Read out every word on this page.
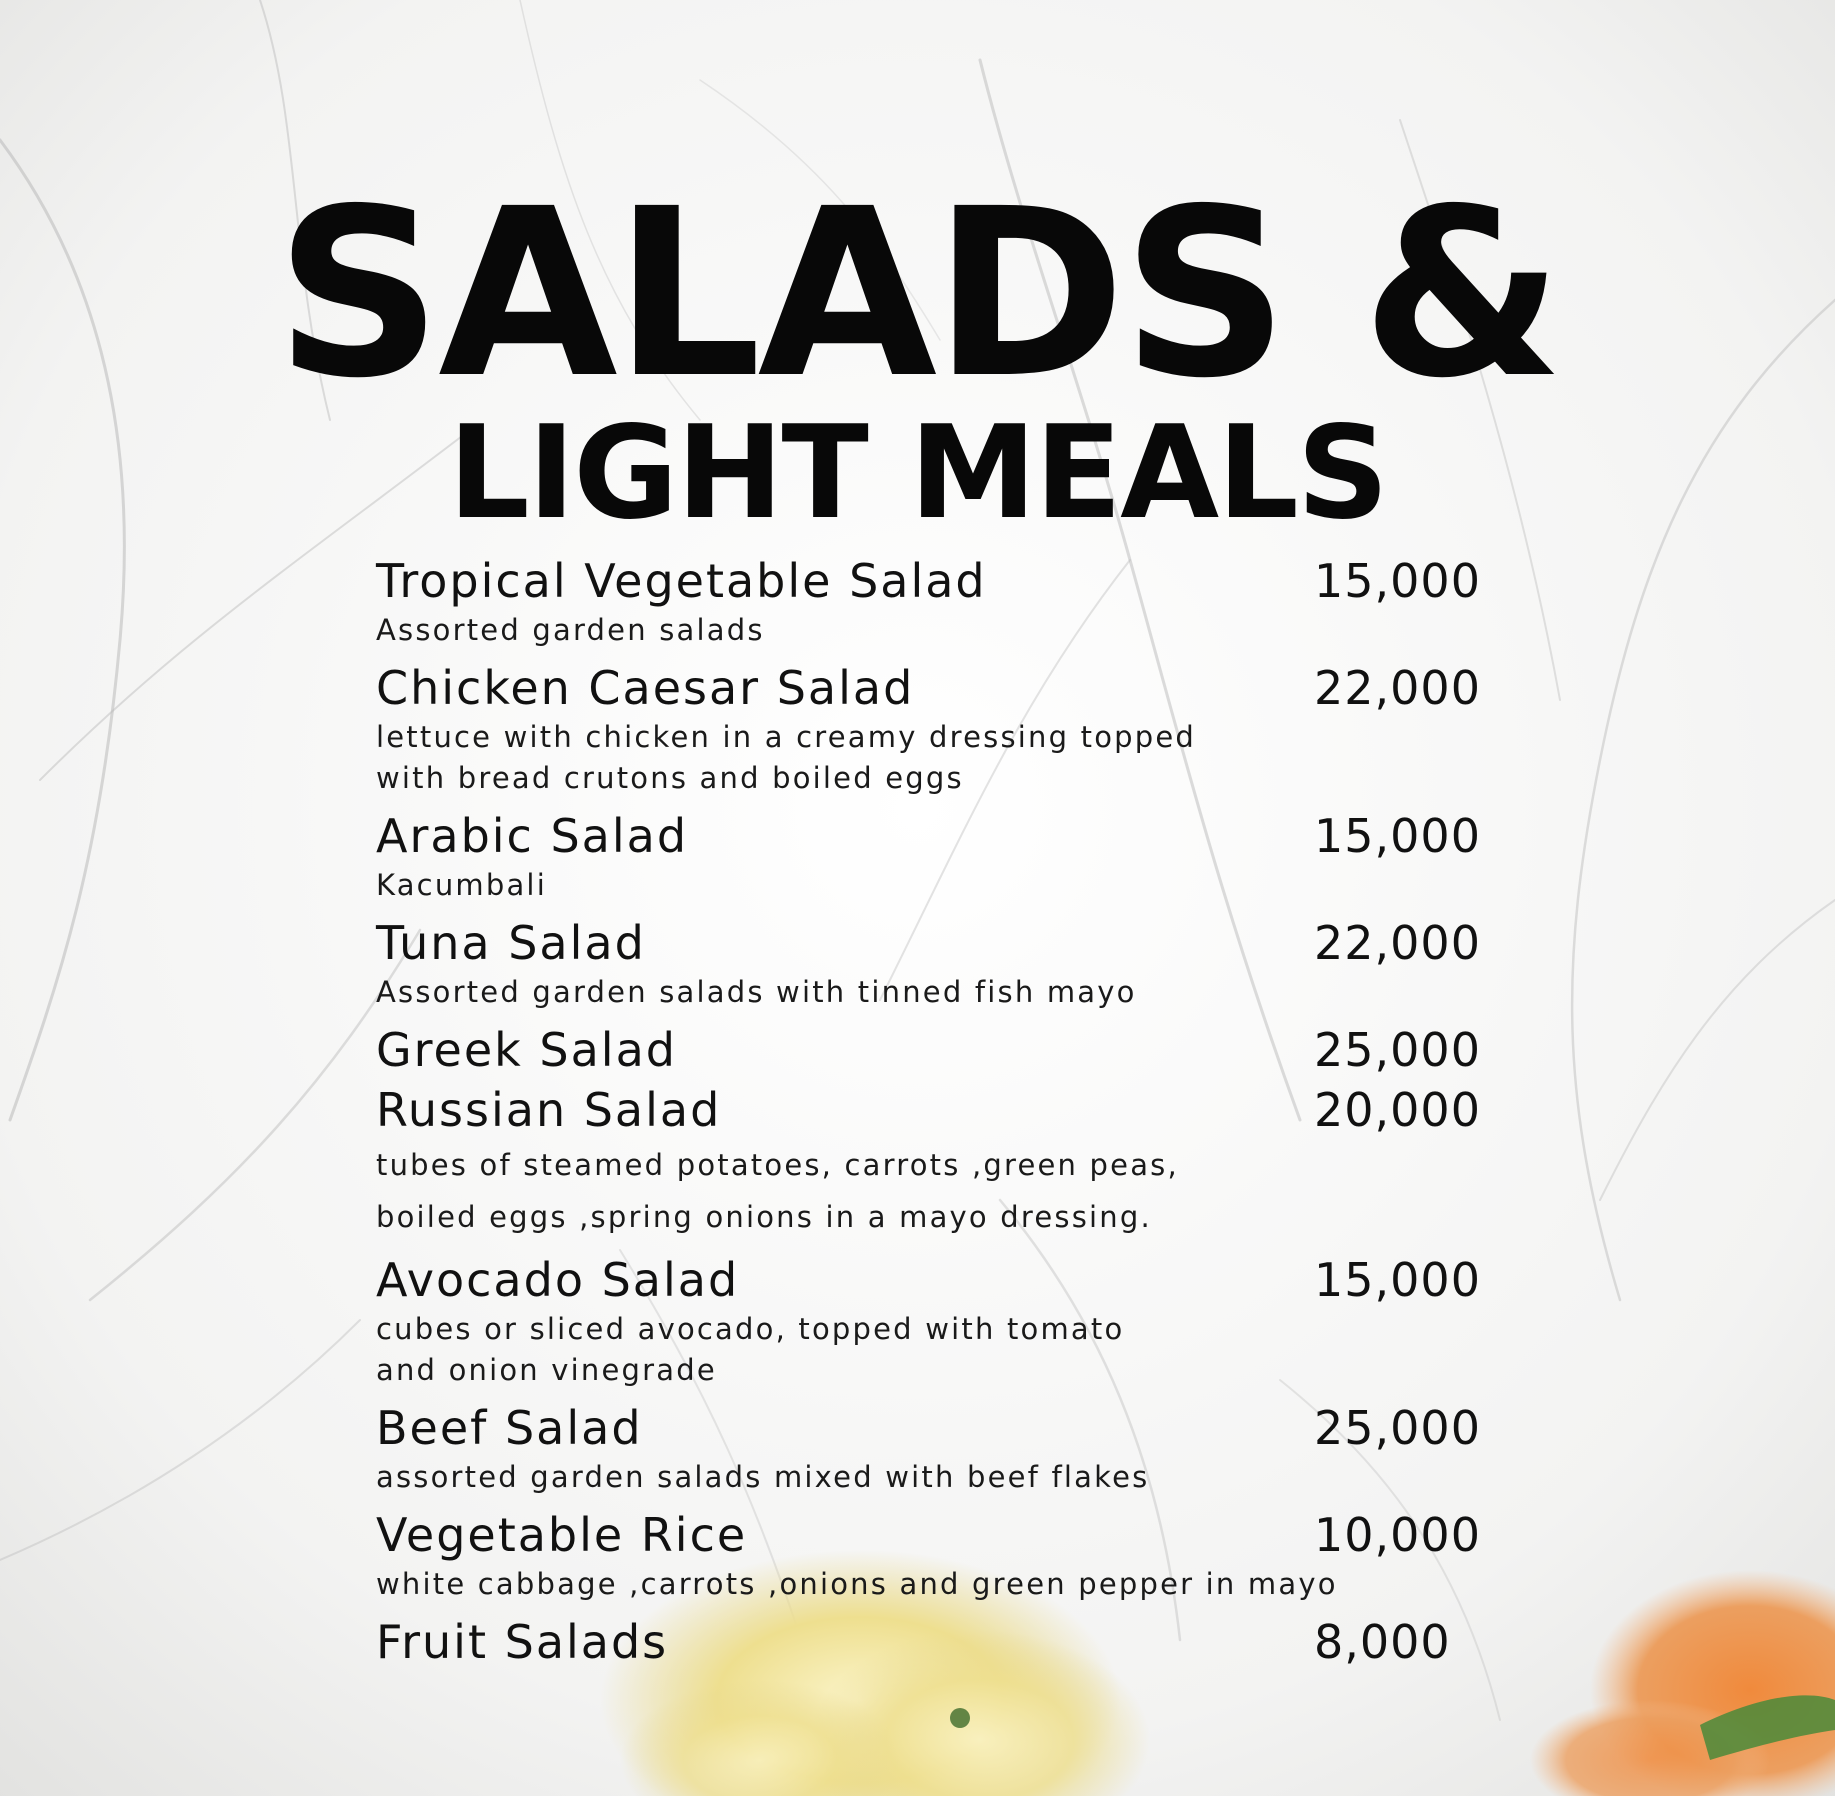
SALADS &
LIGHT MEALS
Tropical Vegetable Salad	15,000
Assorted garden salads
Chicken Caesar Salad	22,000
lettuce with chicken in a creamy dressing topped
with bread crutons and boiled eggs
Arabic Salad	15,000
Kacumbali
Tuna Salad	22,000
Assorted garden salads with tinned fish mayo
Greek Salad	25,000
Russian Salad	20,000
tubes of steamed potatoes, carrots ,green peas,
boiled eggs ,spring onions in a mayo dressing.
Avocado Salad	15,000
cubes or sliced avocado, topped with tomato
and onion vinegrade
Beef Salad	25,000
assorted garden salads mixed with beef flakes
Vegetable Rice	10,000
white cabbage ,carrots ,onions and green pepper in mayo
Fruit Salads	8,000
